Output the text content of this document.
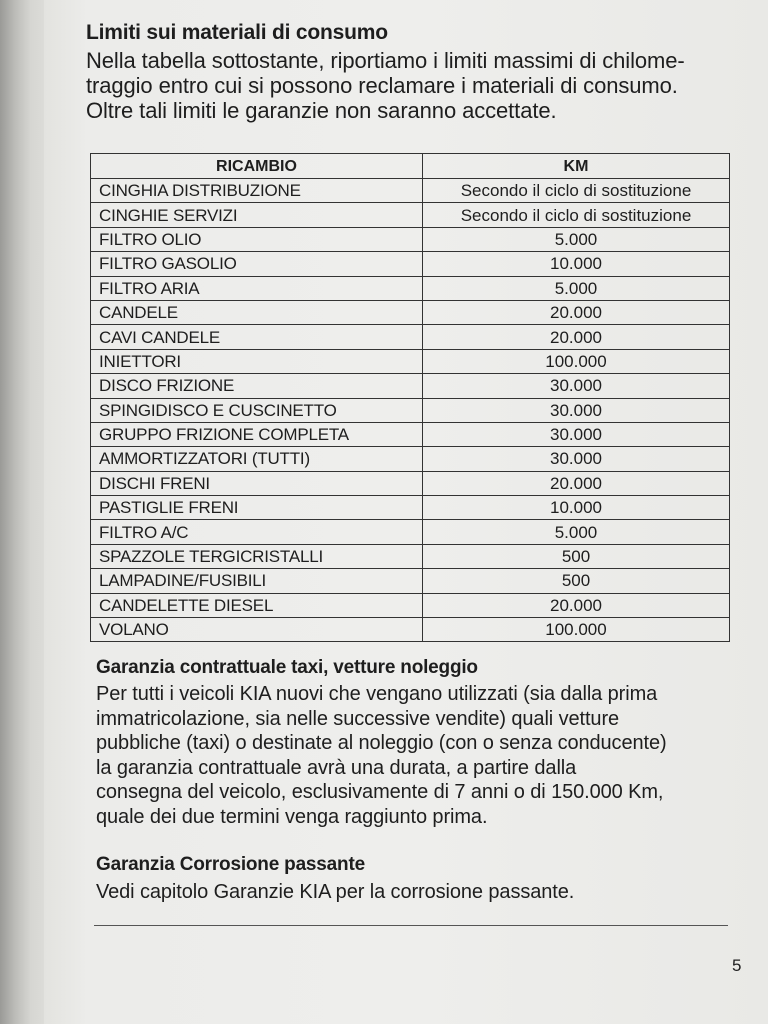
Limiti sui materiali di consumo

Nella tabella sottostante, riportiamo i limiti massimi di chilome-
traggio entro cui si possono reclamare i materiali di consumo.
Oltre tali limiti le garanzie non saranno accettate.

RICAMBIO	KM
CINGHIA DISTRIBUZIONE	Secondo il ciclo di sostituzione
CINGHIE SERVIZI	Secondo il ciclo di sostituzione
FILTRO OLIO	5.000
FILTRO GASOLIO	10.000
FILTRO ARIA	5.000
CANDELE	20.000
CAVI CANDELE	20.000
INIETTORI	100.000
DISCO FRIZIONE	30.000
SPINGIDISCO E CUSCINETTO	30.000
GRUPPO FRIZIONE COMPLETA	30.000
AMMORTIZZATORI (TUTTI)	30.000
DISCHI FRENI	20.000
PASTIGLIE FRENI	10.000
FILTRO A/C	5.000
SPAZZOLE TERGICRISTALLI	500
LAMPADINE/FUSIBILI	500
CANDELETTE DIESEL	20.000
VOLANO	100.000
Garanzia contrattuale taxi, vetture noleggio

Per tutti i veicoli KIA nuovi che vengano utilizzati (sia dalla prima
immatricolazione, sia nelle successive vendite) quali vetture
pubbliche (taxi) o destinate al noleggio (con o senza conducente)
la garanzia contrattuale avrà una durata, a partire dalla
consegna del veicolo, esclusivamente di 7 anni o di 150.000 Km,
quale dei due termini venga raggiunto prima.

Garanzia Corrosione passante

Vedi capitolo Garanzie KIA per la corrosione passante.

5
